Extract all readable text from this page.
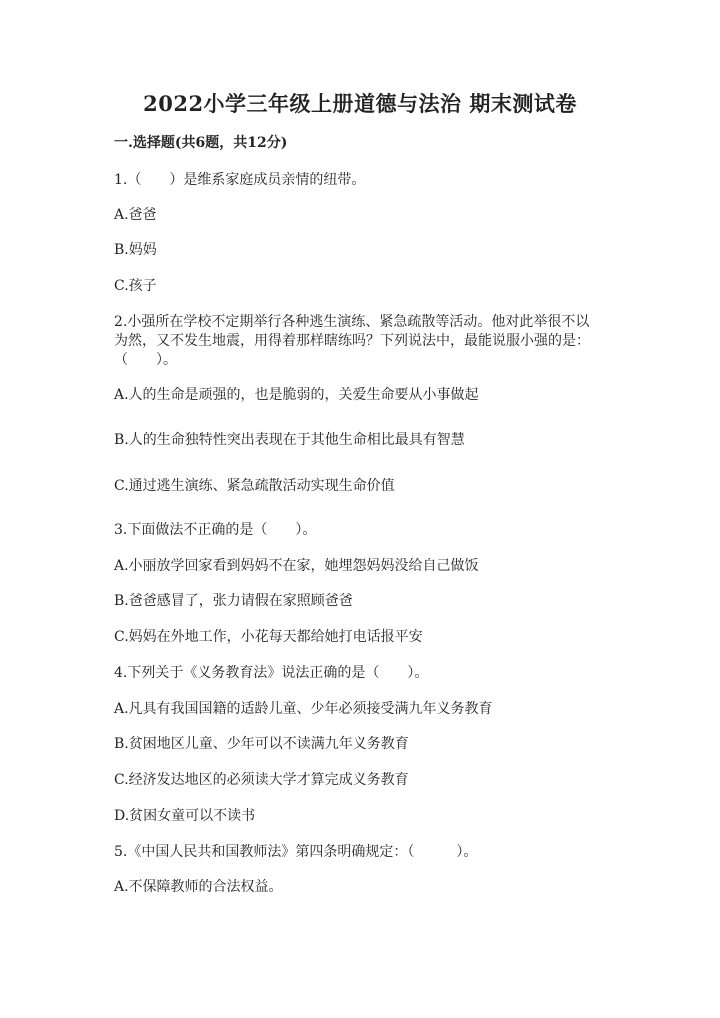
2022小学三年级上册道德与法治 期末测试卷
一.选择题(共6题，共12分)
1.（　　）是维系家庭成员亲情的纽带。
A.爸爸
B.妈妈
C.孩子
2.小强所在学校不定期举行各种逃生演练、紧急疏散等活动。他对此举很不以
为然，又不发生地震，用得着那样瞎练吗？下列说法中，最能说服小强的是：
（　　）。
A.人的生命是顽强的，也是脆弱的，关爱生命要从小事做起
B.人的生命独特性突出表现在于其他生命相比最具有智慧
C.通过逃生演练、紧急疏散活动实现生命价值
3.下面做法不正确的是（　　）。
A.小丽放学回家看到妈妈不在家，她埋怨妈妈没给自己做饭
B.爸爸感冒了，张力请假在家照顾爸爸
C.妈妈在外地工作，小花每天都给她打电话报平安
4.下列关于《义务教育法》说法正确的是（　　）。
A.凡具有我国国籍的适龄儿童、少年必须接受满九年义务教育
B.贫困地区儿童、少年可以不读满九年义务教育
C.经济发达地区的必须读大学才算完成义务教育
D.贫困女童可以不读书
5.《中国人民共和国教师法》第四条明确规定：（　　　）。
A.不保障教师的合法权益。
